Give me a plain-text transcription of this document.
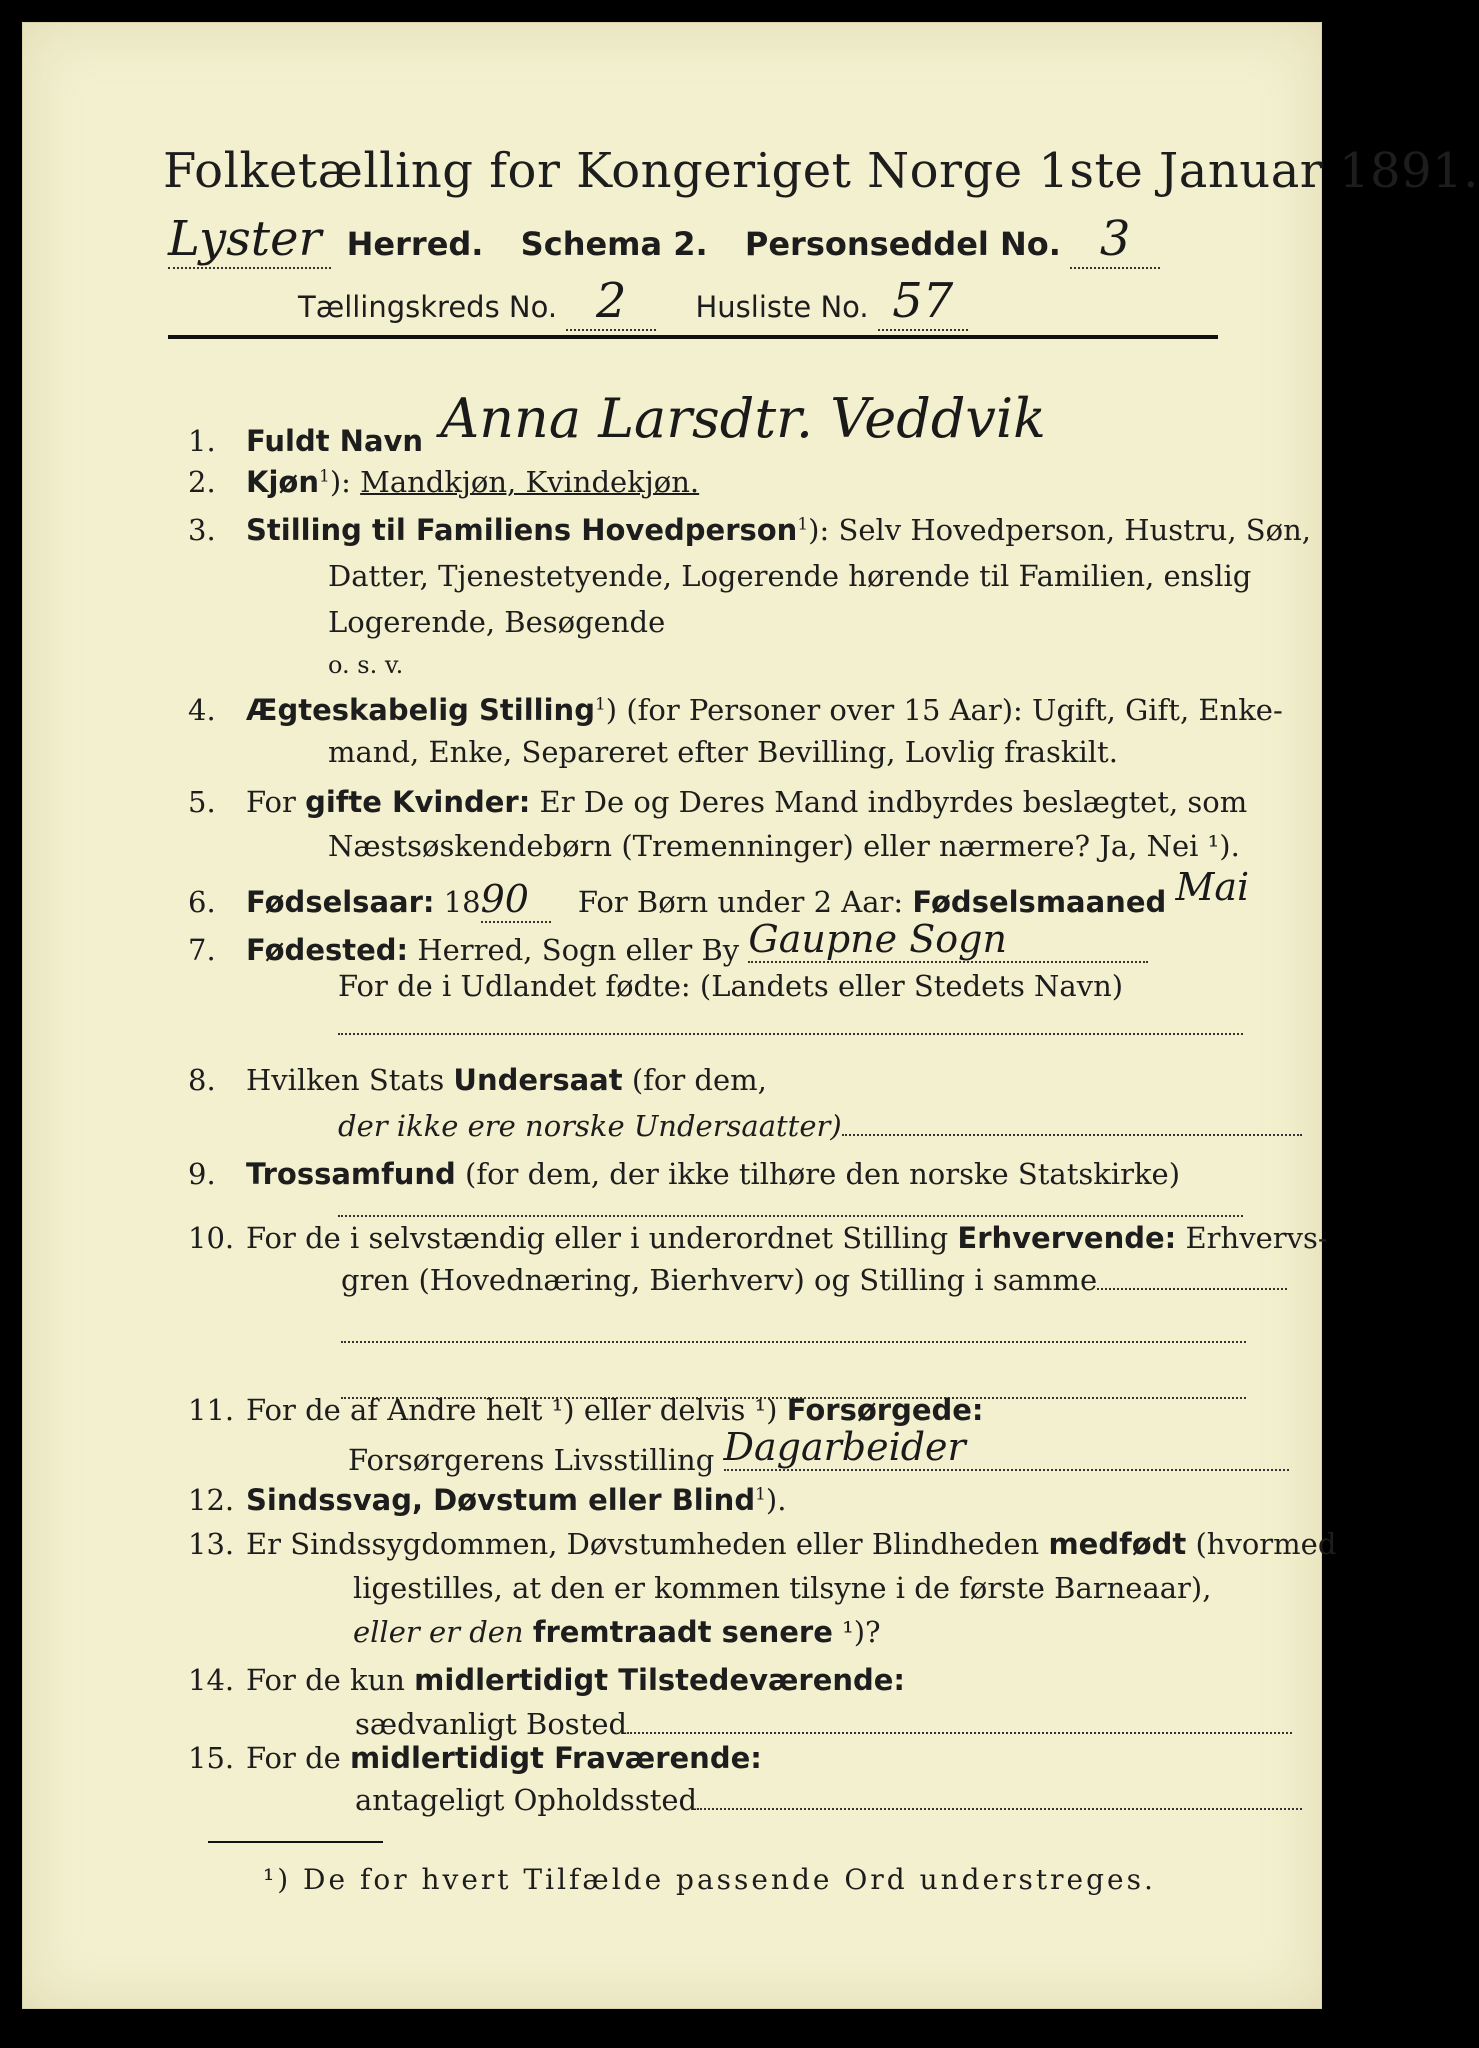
Folketælling for Kongeriget Norge 1ste Januar 1891.
Lyster Herred. Schema 2. Personseddel No. 3
Tællingskreds No. 2 Husliste No. 57
1. Fuldt Navn Anna Larsdtr. Veddvik
2. Kjøn$^1$): Mandkjøn, Kvindekjøn.
3. Stilling til Familiens Hovedperson$^1$): Selv Hovedperson, Hustru, Søn,
Datter, Tjenestetyende, Logerende hørende til Familien, enslig
Logerende, Besøgende
o. s. v.
4. Ægteskabelig Stilling$^1$) (for Personer over 15 Aar): Ugift, Gift, Enke-
mand, Enke, Separeret efter Bevilling, Lovlig fraskilt.
5. For gifte Kvinder: Er De og Deres Mand indbyrdes beslægtet, som
Næstsøskendebørn (Tremenninger) eller nærmere? Ja, Nei ¹).
6. Fødselsaar: 1890 For Børn under 2 Aar: Fødselsmaaned Mai
7. Fødested: Herred, Sogn eller By Gaupne Sogn
For de i Udlandet fødte: (Landets eller Stedets Navn)
8. Hvilken Stats Undersaat (for dem,
der ikke ere norske Undersaatter)
9. Trossamfund (for dem, der ikke tilhøre den norske Statskirke)
10. For de i selvstændig eller i underordnet Stilling Erhvervende: Erhvervs-
gren (Hovednæring, Bierhverv) og Stilling i samme
11. For de af Andre helt ¹) eller delvis ¹) Forsørgede:
Forsørgerens Livsstilling Dagarbeider
12. Sindssvag, Døvstum eller Blind$^1$).
13. Er Sindssygdommen, Døvstumheden eller Blindheden medfødt (hvormed
ligestilles, at den er kommen tilsyne i de første Barneaar),
eller er den fremtraadt senere ¹)?
14. For de kun midlertidigt Tilstedeværende:
sædvanligt Bosted
15. For de midlertidigt Fraværende:
antageligt Opholdssted
¹) De for hvert Tilfælde passende Ord understreges.
